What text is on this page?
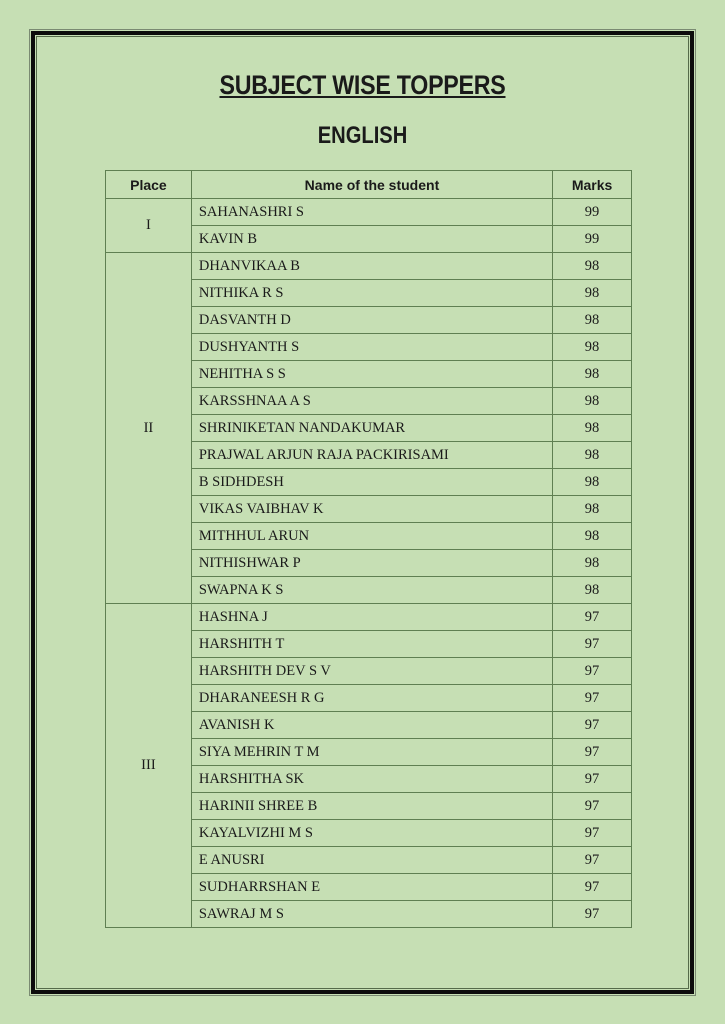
SUBJECT WISE TOPPERS
ENGLISH
Place	Name of the student	Marks
I	SAHANASHRI S	99
	KAVIN B	99
II	DHANVIKAA B	98
	NITHIKA R S	98
	DASVANTH D	98
	DUSHYANTH S	98
	NEHITHA S S	98
	KARSSHNAA A S	98
	SHRINIKETAN NANDAKUMAR	98
	PRAJWAL ARJUN RAJA PACKIRISAMI	98
	B SIDHDESH	98
	VIKAS VAIBHAV K	98
	MITHHUL ARUN	98
	NITHISHWAR P	98
	SWAPNA K S	98
III	HASHNA J	97
	HARSHITH T	97
	HARSHITH DEV S V	97
	DHARANEESH R G	97
	AVANISH K	97
	SIYA MEHRIN T M	97
	HARSHITHA SK	97
	HARINII SHREE B	97
	KAYALVIZHI M S	97
	E ANUSRI	97
	SUDHARRSHAN E	97
	SAWRAJ M S	97
